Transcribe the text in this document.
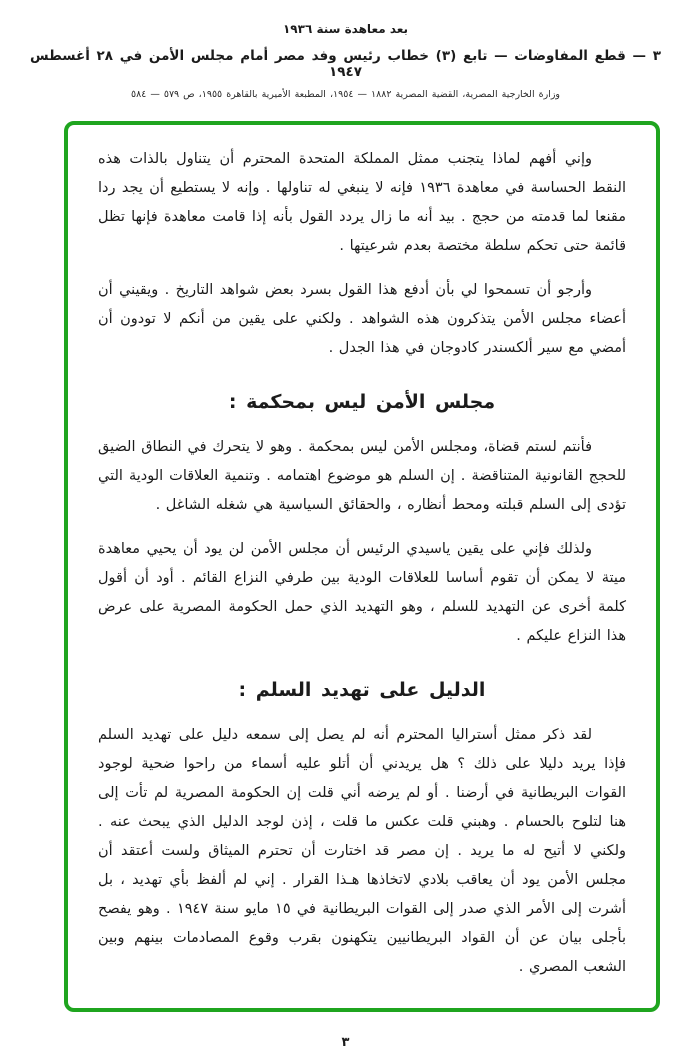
بعد معاهدة سنة ١٩٣٦
٣ — قطع المفاوضات — تابع (٣) خطاب رئيس وفد مصر أمام مجلس الأمن في ٢٨ أغسطس ١٩٤٧
وزارة الخارجية المصرية، القضية المصرية ١٨٨٢ — ١٩٥٤، المطبعة الأميرية بالقاهرة ١٩٥٥، ص ٥٧٩ — ٥٨٤

وإني أفهم لماذا يتجنب ممثل المملكة المتحدة المحترم أن يتناول بالذات هذه النقط الحساسة في معاهدة ١٩٣٦ فإنه لا ينبغي له تناولها . وإنه لا يستطيع أن يجد ردا مقنعا لما قدمته من حجج . بيد أنه ما زال يردد القول بأنه إذا قامت معاهدة فإنها تظل قائمة حتى تحكم سلطة مختصة بعدم شرعيتها .

وأرجو أن تسمحوا لي بأن أدفع هذا القول بسرد بعض شواهد التاريخ . ويقيني أن أعضاء مجلس الأمن يتذكرون هذه الشواهد . ولكني على يقين من أنكم لا تودون أن أمضي مع سير ألكسندر كادوجان في هذا الجدل .

مجلس الأمن ليس بمحكمة :

فأنتم لستم قضاة، ومجلس الأمن ليس بمحكمة . وهو لا يتحرك في النطاق الضيق للحجج القانونية المتناقضة . إن السلم هو موضوع اهتمامه . وتنمية العلاقات الودية التي تؤدى إلى السلم قبلته ومحط أنظاره ، والحقائق السياسية هي شغله الشاغل .

ولذلك فإني على يقين ياسيدي الرئيس أن مجلس الأمن لن يود أن يحيي معاهدة ميتة لا يمكن أن تقوم أساسا للعلاقات الودية بين طرفي النزاع القائم . أود أن أقول كلمة أخرى عن التهديد للسلم ، وهو التهديد الذي حمل الحكومة المصرية على عرض هذا النزاع عليكم .

الدليل على تهديد السلم :

لقد ذكر ممثل أستراليا المحترم أنه لم يصل إلى سمعه دليل على تهديد السلم فإذا يريد دليلا على ذلك ؟ هل يريدني أن أتلو عليه أسماء من راحوا ضحية لوجود القوات البريطانية في أرضنا . أو لم يرضه أني قلت إن الحكومة المصرية لم تأت إلى هنا لتلوح بالحسام . وهبني قلت عكس ما قلت ، إذن لوجد الدليل الذي يبحث عنه . ولكني لا أتيح له ما يريد . إن مصر قد اختارت أن تحترم الميثاق ولست أعتقد أن مجلس الأمن يود أن يعاقب بلادي لاتخاذها هـذا القرار . إني لم ألفظ بأي تهديد ، بل أشرت إلى الأمر الذي صدر إلى القوات البريطانية في ١٥ مايو سنة ١٩٤٧ . وهو يفصح بأجلى بيان عن أن القواد البريطانيين يتكهنون بقرب وقوع المصادمات بينهم وبين الشعب المصري .

٣
